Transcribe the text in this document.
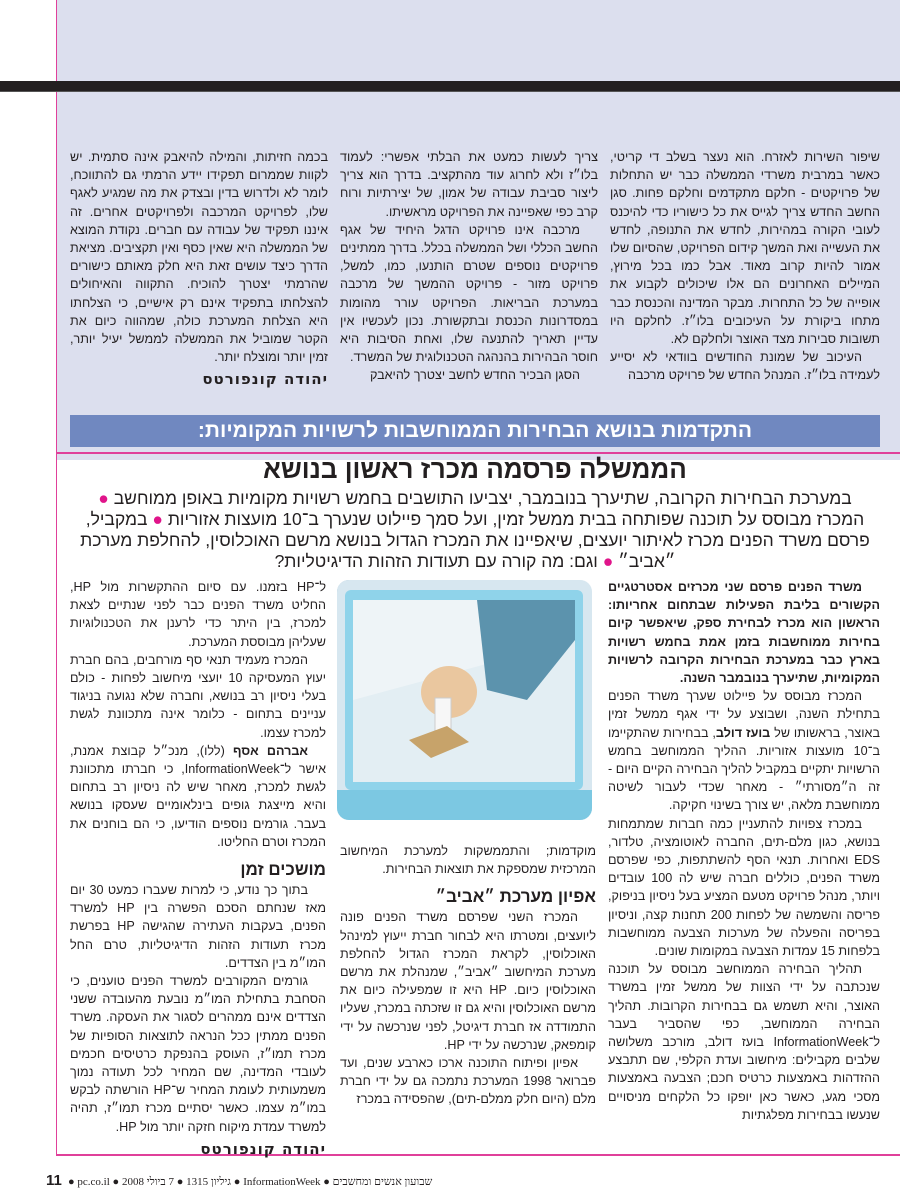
שיפור השירות לאזרח. הוא נעצר בשלב די קריטי, כאשר במרבית משרדי הממשלה כבר יש התחלות של פרויקטים - חלקם מתקדמים וחלקם פחות. סגן החשב החדש צריך לגייס את כל כישוריו כדי להיכנס לעובי הקורה במהירות, לחדש את התנופה, לחדש את העשייה ואת המשך קידום הפרויקט, שהסיום שלו אמור להיות קרוב מאוד. אבל כמו בכל מירוץ, המיילים האחרונים הם אלו שיכולים לקבוע את אופייה של כל התחרות. מבקר המדינה והכנסת כבר מתחו ביקורת על העיכובים בלו״ז. לחלקם היו תשובות סבירות מצד האוצר ולחלקם לא.

העיכוב של שמונת החודשים בוודאי לא יסייע לעמידה בלו״ז. המנהל החדש של פרויקט מרכבה

צריך לעשות כמעט את הבלתי אפשרי: לעמוד בלו״ז ולא לחרוג עוד מהתקציב. בדרך הוא צריך ליצור סביבת עבודה של אמון, של יצירתיות ורוח קרב כפי שאפיינה את הפרויקט מראשיתו.

מרכבה אינו פרויקט הדגל היחיד של אגף החשב הכללי ושל הממשלה בכלל. בדרך ממתינים פרויקטים נוספים שטרם הותנעו, כמו, למשל, פרויקט מזור - פרויקט ההמשך של מרכבה במערכת הבריאות. הפרויקט עורר מהומות במסדרונות הכנסת ובתקשורת. נכון לעכשיו אין עדיין תאריך להתנעה שלו, ואחת הסיבות היא חוסר הבהירות בהנהגה הטכנולוגית של המשרד.

הסגן הבכיר החדש לחשב יצטרך להיאבק

בכמה חזיתות, והמילה להיאבק אינה סתמית. יש לקוות שממרום תפקידו יידע הרמתי גם להתווכח, לומר לא ולדרוש בדין ובצדק את מה שמגיע לאגף שלו, לפרויקט המרכבה ולפרויקטים אחרים. זה איננו תפקיד של עבודה עם חברים. נקודת המוצא של הממשלה היא שאין כסף ואין תקציבים. מציאת הדרך כיצד עושים זאת היא חלק מאותם כישורים שהרמתי יצטרך להוכיח. התקווה והאיחולים להצלחתו בתפקיד אינם רק אישיים, כי הצלחתו היא הצלחת המערכת כולה, שמהווה כיום את הקטר שמוביל את הממשלה לממשל יעיל יותר, זמין יותר ומוצלח יותר.

יהודה קונפורטס
התקדמות בנושא הבחירות הממוחשבות לרשויות המקומיות:
הממשלה פרסמה מכרז ראשון בנושא
במערכת הבחירות הקרובה, שתיערך בנובמבר, יצביעו התושבים בחמש רשויות מקומיות באופן ממוחשב ● המכרז מבוסס על תוכנה שפותחה בבית ממשל זמין, ועל סמך פיילוט שנערך ב־10 מועצות אזוריות ● במקביל, פרסם משרד הפנים מכרז לאיתור יועצים, שיאפיינו את המכרז הגדול בנושא מרשם האוכלוסין, להחלפת מערכת ״אביב״ ● וגם: מה קורה עם תעודות הזהות הדיגיטליות?

משרד הפנים פרסם שני מכרזים אסטרטגיים הקשורים בליבת הפעילות שבתחום אחריותו: הראשון הוא מכרז לבחירת ספק, שיאפשר קיום בחירות ממוחשבות בזמן אמת בחמש רשויות בארץ כבר במערכת הבחירות הקרובה לרשויות המקומיות, שתיערך בנובמבר השנה.

המכרז מבוסס על פיילוט שערך משרד הפנים בתחילת השנה, ושבוצע על ידי אגף ממשל זמין באוצר, בראשותו של בועז דולב, בבחירות שהתקיימו ב־10 מועצות אזוריות. ההליך הממוחשב בחמש הרשויות יתקיים במקביל להליך הבחירה הקיים היום - זה ה״מסורתי״ - מאחר שכדי לעבור לשיטה ממוחשבת מלאה, יש צורך בשינוי חקיקה.

במכרז צפויות להתעניין כמה חברות שמתמחות בנושא, כגון מלם-תים, החברה לאוטומציה, טלדור, EDS ואחרות. תנאי הסף להשתתפות, כפי שפרסם משרד הפנים, כוללים חברה שיש לה 100 עובדים ויותר, מנהל פרויקט מטעם המציע בעל ניסיון בניפוק, פריסה והשמשה של לפחות 200 תחנות קצה, וניסיון בפריסה והפעלה של מערכות הצבעה ממוחשבות בלפחות 15 עמדות הצבעה במקומות שונים.

תהליך הבחירה הממוחשב מבוסס על תוכנה שנכתבה על ידי הצוות של ממשל זמין במשרד האוצר, והיא תשמש גם בבחירות הקרובות. תהליך הבחירה הממוחשב, כפי שהסביר בעבר ל־InformationWeek בועז דולב, מורכב משלושה שלבים מקבילים: מיחשוב ועדת הקלפי, שם תתבצע ההזדהות באמצעות כרטיס חכם; הצבעה באמצעות מסכי מגע, כאשר כאן יופקו כל הלקחים מניסויים שנעשו בבחירות מפלגתיות

מוקדמות; והתממשקות למערכת המיחשוב המרכזית שמספקת את תוצאות הבחירות.

אפיון מערכת ״אביב״

המכרז השני שפרסם משרד הפנים פונה ליועצים, ומטרתו היא לבחור חברת ייעוץ למינהל האוכלוסין, לקראת המכרז הגדול להחלפת מערכת המיחשוב ״אביב״, שמנהלת את מרשם האוכלוסין כיום. HP היא זו שמפעילה כיום את מרשם האוכלוסין והיא גם זו שזכתה במכרז, שעליו התמודדה אז חברת דיגיטל, לפני שנרכשה על ידי קומפאק, שנרכשה על ידי HP.

אפיון ופיתוח התוכנה ארכו כארבע שנים, ועד פברואר 1998 המערכת נתמכה גם על ידי חברת מלם (היום חלק ממלם-תים), שהפסידה במכרז

ל־HP בזמנו. עם סיום ההתקשרות מול HP, החליט משרד הפנים כבר לפני שנתיים לצאת למכרז, בין היתר כדי לרענן את הטכנולוגיות שעליהן מבוססת המערכת.

המכרז מעמיד תנאי סף מורחבים, בהם חברת יעוץ המעסיקה 10 יועצי מיחשוב לפחות - כולם בעלי ניסיון רב בנושא, וחברה שלא נגועה בניגוד עניינים בתחום - כלומר אינה מתכוונת לגשת למכרז עצמו.

אברהם אסף (ללו), מנכ״ל קבוצת אמנת, אישר ל־InformationWeek, כי חברתו מתכוונת לגשת למכרז, מאחר שיש לה ניסיון רב בתחום והיא מייצגת גופים בינלאומיים שעסקו בנושא בעבר. גורמים נוספים הודיעו, כי הם בוחנים את המכרז וטרם החליטו.

מושכים זמן

בתוך כך נודע, כי למרות שעברו כמעט 30 יום מאז שנחתם הסכם הפשרה בין HP למשרד הפנים, בעקבות העתירה שהגישה HP בפרשת מכרז תעודות הזהות הדיגיטליות, טרם החל המו״מ בין הצדדים.

גורמים המקורבים למשרד הפנים טוענים, כי הסחבת בתחילת המו״מ נובעת מהעובדה ששני הצדדים אינם ממהרים לסגור את העסקה. משרד הפנים ממתין ככל הנראה לתוצאות הסופיות של מכרז תמו״ז, העוסק בהנפקת כרטיסים חכמים לעובדי המדינה, שם המחיר לכל תעודה נמוך משמעותית לעומת המחיר ש־HP הורשתה לבקש במו״מ עצמו. כאשר יסתיים מכרז תמו״ז, תהיה למשרד עמדת מיקוח חזקה יותר מול HP.

יהודה קונפורטס
11 שבועון אנשים ומחשבים ● InformationWeek ● גיליון 1315 ● 7 ביולי 2008 ● pc.co.il ●
